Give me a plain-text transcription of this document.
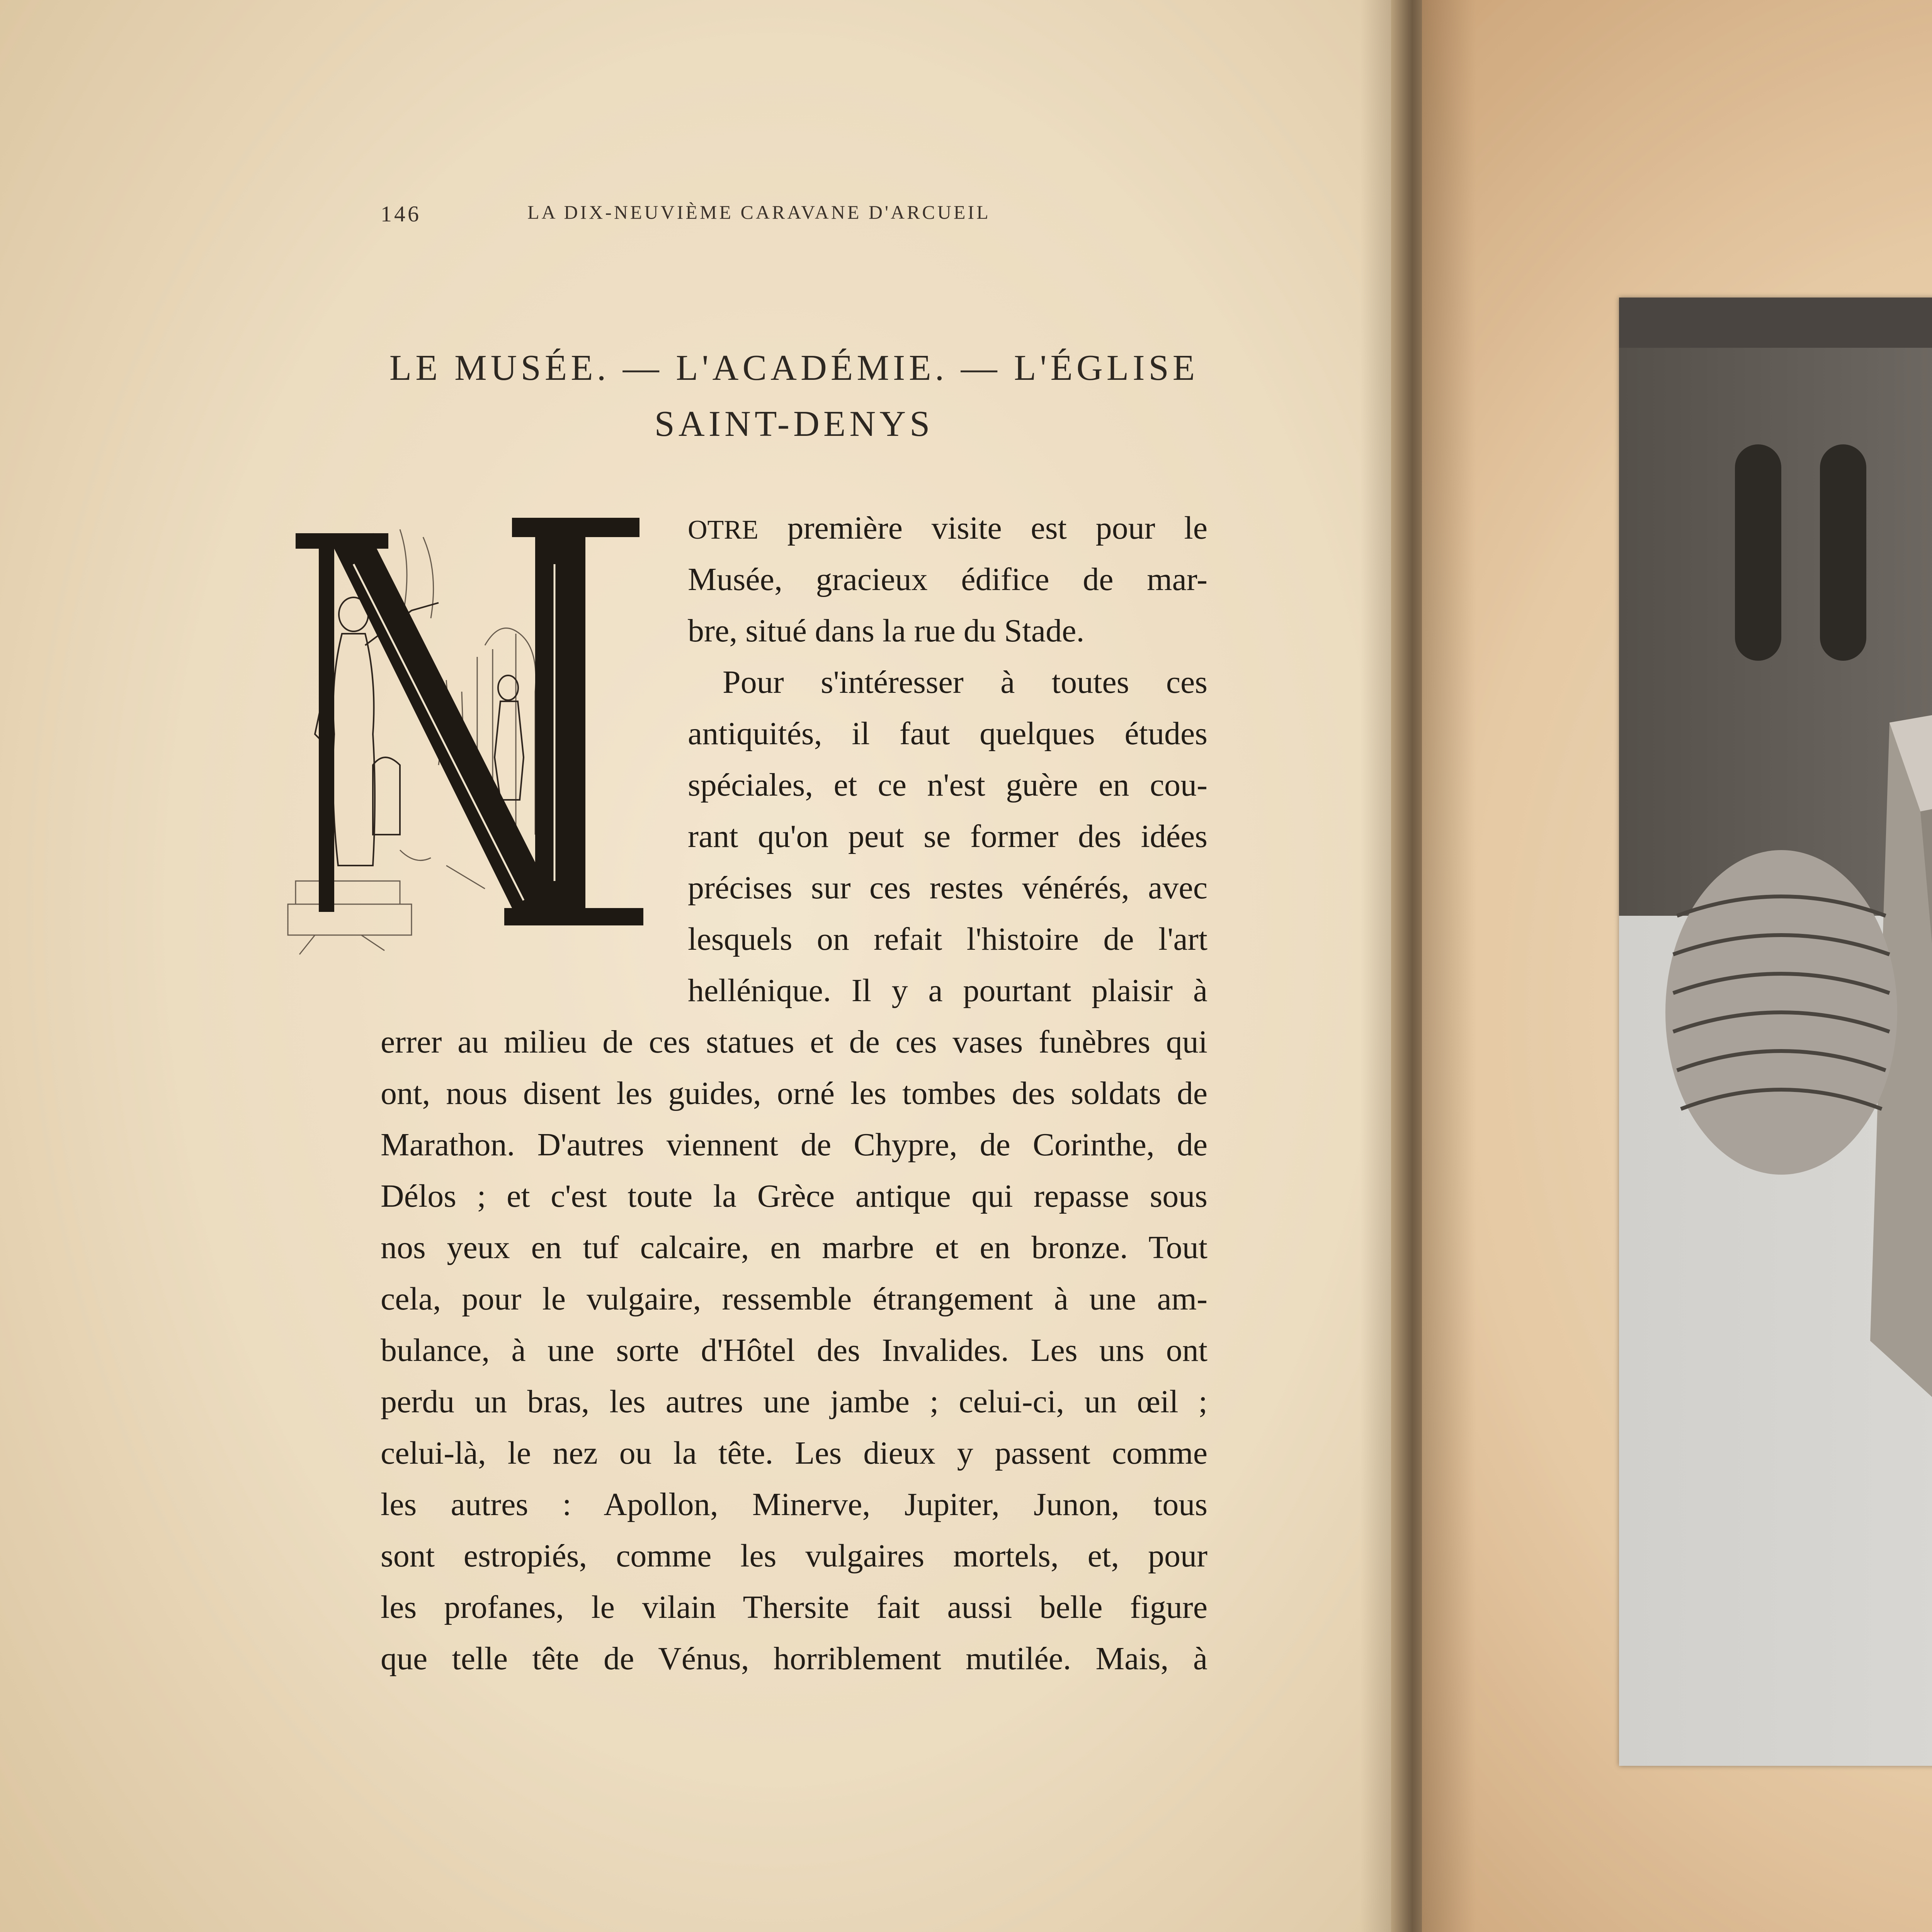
146	LA DIX-NEUVIÈME CARAVANE D'ARCUEIL
LE MUSÉE. — L'ACADÉMIE. — L'ÉGLISE
SAINT-DENYS
OTRE première visite est pour le
Musée, gracieux édifice de mar-
bre, situé dans la rue du Stade.
Pour s'intéresser à toutes ces
antiquités, il faut quelques études
spéciales, et ce n'est guère en cou-
rant qu'on peut se former des idées
précises sur ces restes vénérés, avec
lesquels on refait l'histoire de l'art
hellénique. Il y a pourtant plaisir à
errer au milieu de ces statues et de ces vases funèbres qui
ont, nous disent les guides, orné les tombes des soldats de
Marathon. D'autres viennent de Chypre, de Corinthe, de
Délos ; et c'est toute la Grèce antique qui repasse sous
nos yeux en tuf calcaire, en marbre et en bronze. Tout
cela, pour le vulgaire, ressemble étrangement à une am-
bulance, à une sorte d'Hôtel des Invalides. Les uns ont
perdu un bras, les autres une jambe ; celui-ci, un œil ;
celui-là, le nez ou la tête. Les dieux y passent comme
les autres : Apollon, Minerve, Jupiter, Junon, tous
sont estropiés, comme les vulgaires mortels, et, pour
les profanes, le vilain Thersite fait aussi belle figure
que telle tête de Vénus, horriblement mutilée. Mais, à
